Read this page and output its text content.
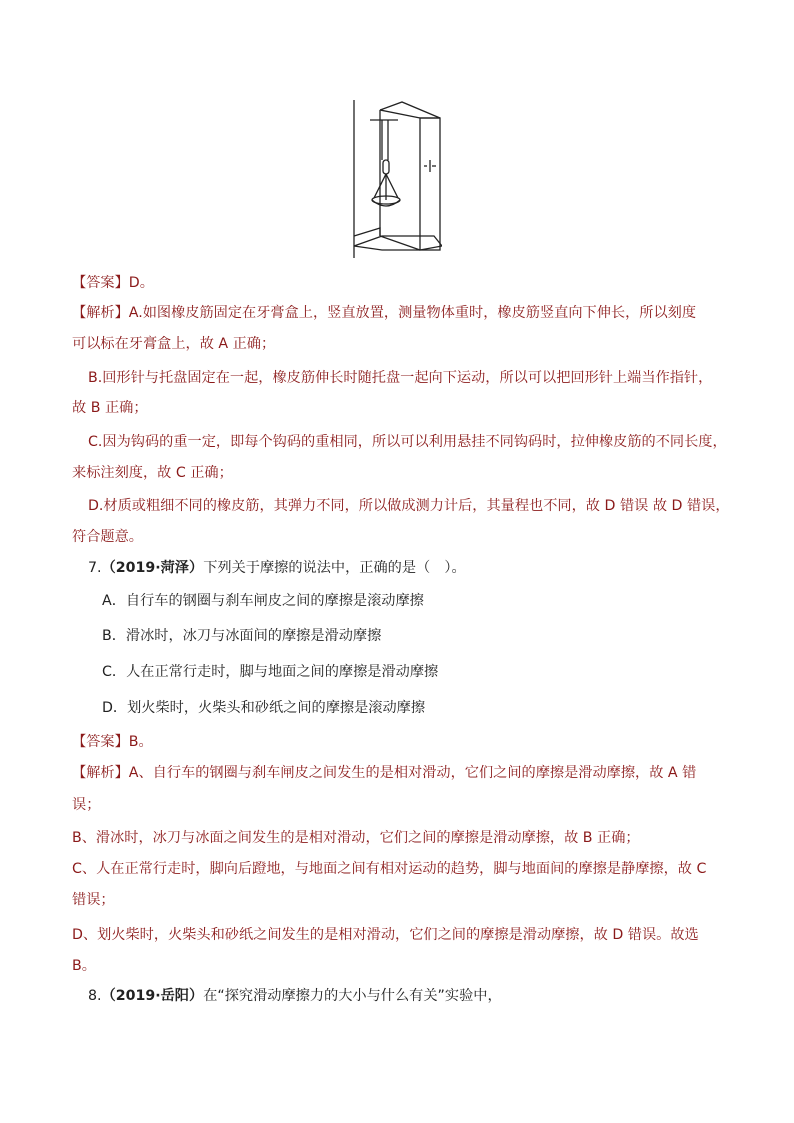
【答案】D。
【解析】A.如图橡皮筋固定在牙膏盒上，竖直放置，测量物体重时，橡皮筋竖直向下伸长，所以刻度
可以标在牙膏盒上，故 A 正确；
B.回形针与托盘固定在一起，橡皮筋伸长时随托盘一起向下运动，所以可以把回形针上端当作指针，
故 B 正确；
C.因为钩码的重一定，即每个钩码的重相同，所以可以利用悬挂不同钩码时，拉伸橡皮筋的不同长度，
来标注刻度，故 C 正确；
D.材质或粗细不同的橡皮筋，其弹力不同，所以做成测力计后，其量程也不同，故 D 错误 故 D 错误，
符合题意。
7.（2019·菏泽）下列关于摩擦的说法中，正确的是（　）。
A．自行车的钢圈与刹车闸皮之间的摩擦是滚动摩擦
B．滑冰时，冰刀与冰面间的摩擦是滑动摩擦
C．人在正常行走时，脚与地面之间的摩擦是滑动摩擦
D．划火柴时，火柴头和砂纸之间的摩擦是滚动摩擦
【答案】B。
【解析】A、自行车的钢圈与刹车闸皮之间发生的是相对滑动，它们之间的摩擦是滑动摩擦，故 A 错
误；
B、滑冰时，冰刀与冰面之间发生的是相对滑动，它们之间的摩擦是滑动摩擦，故 B 正确；
C、人在正常行走时，脚向后蹬地，与地面之间有相对运动的趋势，脚与地面间的摩擦是静摩擦，故 C
错误；
D、划火柴时，火柴头和砂纸之间发生的是相对滑动，它们之间的摩擦是滑动摩擦，故 D 错误。故选
B。
8.（2019·岳阳）在“探究滑动摩擦力的大小与什么有关”实验中，
